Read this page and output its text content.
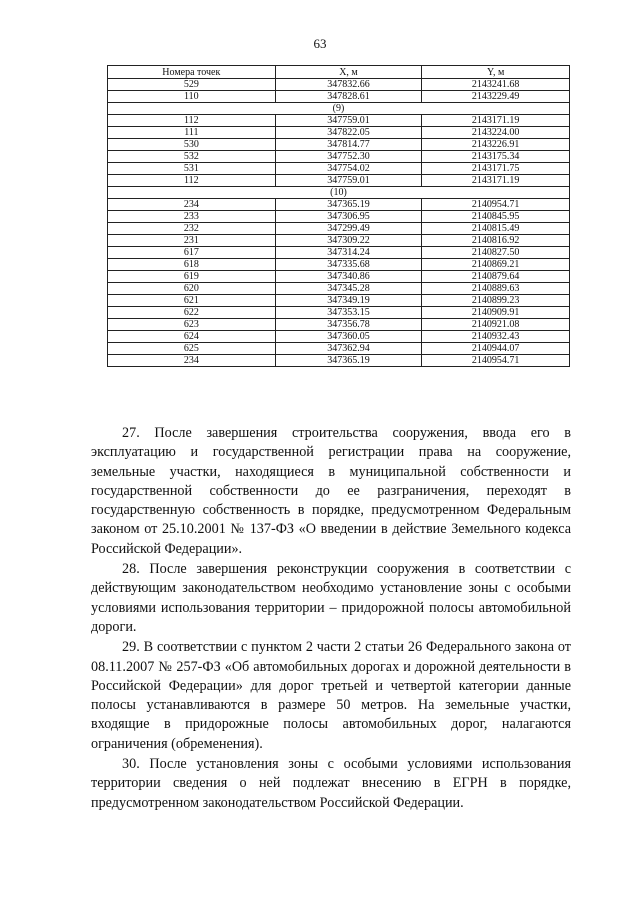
63
Номера точек	X, м	Y, м
529	347832.66	2143241.68
110	347828.61	2143229.49
(9)		
112	347759.01	2143171.19
111	347822.05	2143224.00
530	347814.77	2143226.91
532	347752.30	2143175.34
531	347754.02	2143171.75
112	347759.01	2143171.19
(10)		
234	347365.19	2140954.71
233	347306.95	2140845.95
232	347299.49	2140815.49
231	347309.22	2140816.92
617	347314.24	2140827.50
618	347335.68	2140869.21
619	347340.86	2140879.64
620	347345.28	2140889.63
621	347349.19	2140899.23
622	347353.15	2140909.91
623	347356.78	2140921.08
624	347360.05	2140932.43
625	347362.94	2140944.07
234	347365.19	2140954.71

27. После завершения строительства сооружения, ввода его в эксплуатацию и государственной регистрации права на сооружение, земельные участки, находящиеся в муниципальной собственности и государственной собственности до ее разграничения, переходят в государственную собственность в порядке, предусмотренном Федеральным законом от 25.10.2001 № 137-ФЗ «О введении в действие Земельного кодекса Российской Федерации».

28. После завершения реконструкции сооружения в соответствии с действующим законодательством необходимо установление зоны с особыми условиями использования территории – придорожной полосы автомобильной дороги.

29. В соответствии с пунктом 2 части 2 статьи 26 Федерального закона от 08.11.2007 № 257-ФЗ «Об автомобильных дорогах и дорожной деятельности в Российской Федерации» для дорог третьей и четвертой категории данные полосы устанавливаются в размере 50 метров. На земельные участки, входящие в придорожные полосы автомобильных дорог, налагаются ограничения (обременения).

30. После установления зоны с особыми условиями использования территории сведения о ней подлежат внесению в ЕГРН в порядке, предусмотренном законодательством Российской Федерации.
